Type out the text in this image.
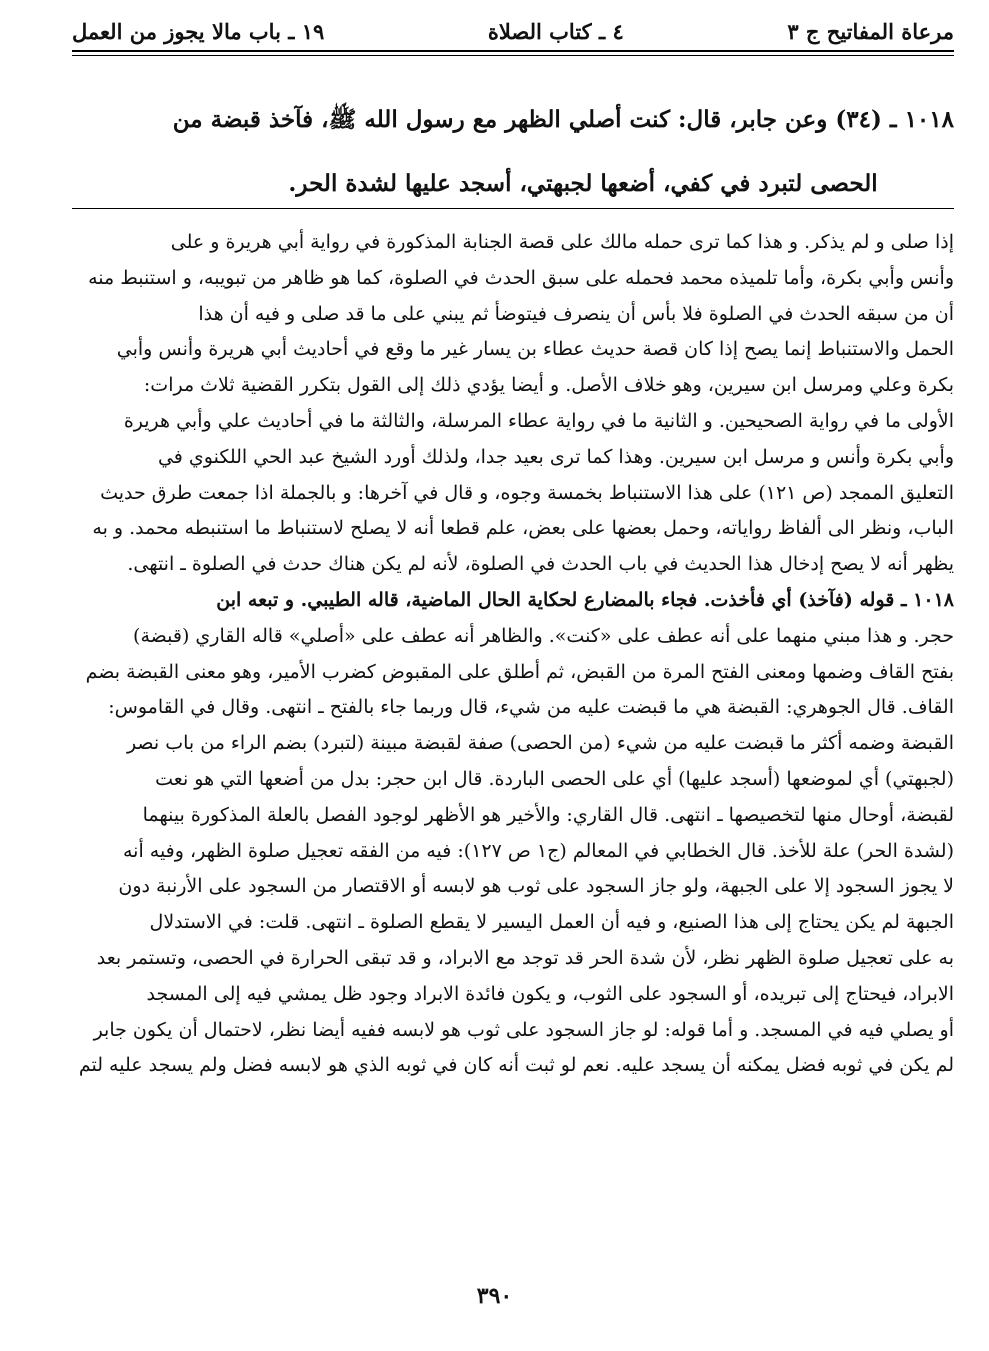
مرعاة المفاتيح ج ٣
٤ ـ كتاب الصلاة
١٩ ـ باب مالا يجوز من العمل
١٠١٨ ـ (٣٤) وعن جابر، قال: كنت أصلي الظهر مع رسول الله ﷺ، فآخذ قبضة من
الحصى لتبرد في كفي، أضعها لجبهتي، أسجد عليها لشدة الحر.
إذا صلى و لم يذكر. و هذا كما ترى حمله مالك على قصة الجنابة المذكورة في رواية أبي هريرة و على
وأنس وأبي بكرة، وأما تلميذه محمد فحمله على سبق الحدث في الصلوة، كما هو ظاهر من تبويبه، و استنبط منه
أن من سبقه الحدث في الصلوة فلا بأس أن ينصرف فيتوضأ ثم يبني على ما قد صلى و فيه أن هذا
الحمل والاستنباط إنما يصح إذا كان قصة حديث عطاء بن يسار غير ما وقع في أحاديث أبي هريرة وأنس وأبي
بكرة وعلي ومرسل ابن سيرين، وهو خلاف الأصل. و أيضا يؤدي ذلك إلى القول بتكرر القضية ثلاث مرات:
الأولى ما في رواية الصحيحين. و الثانية ما في رواية عطاء المرسلة، والثالثة ما في أحاديث علي وأبي هريرة
وأبي بكرة وأنس و مرسل ابن سيرين. وهذا كما ترى بعيد جدا، ولذلك أورد الشيخ عبد الحي اللكنوي في
التعليق الممجد (ص ١٢١) على هذا الاستنباط بخمسة وجوه، و قال في آخرها: و بالجملة اذا جمعت طرق حديث
الباب، ونظر الى ألفاظ رواياته، وحمل بعضها على بعض، علم قطعا أنه لا يصلح لاستنباط ما استنبطه محمد. و به
يظهر أنه لا يصح إدخال هذا الحديث في باب الحدث في الصلوة، لأنه لم يكن هناك حدث في الصلوة ـ انتهى.
١٠١٨ ـ قوله (فآخذ) أي فأخذت. فجاء بالمضارع لحكاية الحال الماضية، قاله الطيبي. و تبعه ابن
حجر. و هذا مبني منهما على أنه عطف على «كنت». والظاهر أنه عطف على «أصلي» قاله القاري (قبضة)
بفتح القاف وضمها ومعنى الفتح المرة من القبض، ثم أطلق على المقبوض كضرب الأمير، وهو معنى القبضة بضم
القاف. قال الجوهري: القبضة هي ما قبضت عليه من شيء، قال وربما جاء بالفتح ـ انتهى. وقال في القاموس:
القبضة وضمه أكثر ما قبضت عليه من شيء (من الحصى) صفة لقبضة مبينة (لتبرد) بضم الراء من باب نصر
(لجبهتي) أي لموضعها (أسجد عليها) أي على الحصى الباردة. قال ابن حجر: بدل من أضعها التي هو نعت
لقبضة، أوحال منها لتخصيصها ـ انتهى. قال القاري: والأخير هو الأظهر لوجود الفصل بالعلة المذكورة بينهما
(لشدة الحر) علة للأخذ. قال الخطابي في المعالم (ج١ ص ١٢٧): فيه من الفقه تعجيل صلوة الظهر، وفيه أنه
لا يجوز السجود إلا على الجبهة، ولو جاز السجود على ثوب هو لابسه أو الاقتصار من السجود على الأرنبة دون
الجبهة لم يكن يحتاج إلى هذا الصنيع، و فيه أن العمل اليسير لا يقطع الصلوة ـ انتهى. قلت: في الاستدلال
به على تعجيل صلوة الظهر نظر، لأن شدة الحر قد توجد مع الابراد، و قد تبقى الحرارة في الحصى، وتستمر بعد
الابراد، فيحتاج إلى تبريده، أو السجود على الثوب، و يكون فائدة الابراد وجود ظل يمشي فيه إلى المسجد
أو يصلي فيه في المسجد. و أما قوله: لو جاز السجود على ثوب هو لابسه ففيه أيضا نظر، لاحتمال أن يكون جابر
لم يكن في ثوبه فضل يمكنه أن يسجد عليه. نعم لو ثبت أنه كان في ثوبه الذي هو لابسه فضل ولم يسجد عليه لتم
٣٩٠
